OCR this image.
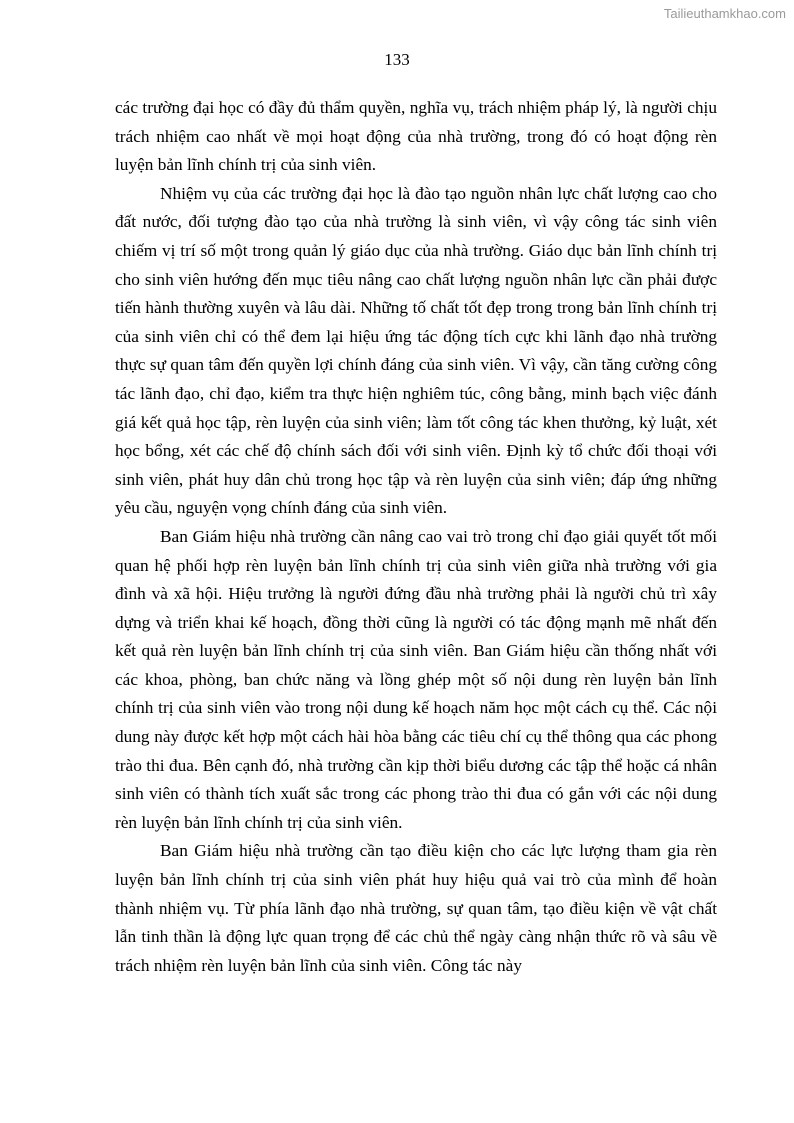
Tailieuthamkhao.com
133

các trường đại học có đầy đủ thẩm quyền, nghĩa vụ, trách nhiệm pháp lý, là người chịu trách nhiệm cao nhất về mọi hoạt động của nhà trường, trong đó có hoạt động rèn luyện bản lĩnh chính trị của sinh viên.

Nhiệm vụ của các trường đại học là đào tạo nguồn nhân lực chất lượng cao cho đất nước, đối tượng đào tạo của nhà trường là sinh viên, vì vậy công tác sinh viên chiếm vị trí số một trong quản lý giáo dục của nhà trường. Giáo dục bản lĩnh chính trị cho sinh viên hướng đến mục tiêu nâng cao chất lượng nguồn nhân lực cần phải được tiến hành thường xuyên và lâu dài. Những tố chất tốt đẹp trong trong bản lĩnh chính trị của sinh viên chỉ có thể đem lại hiệu ứng tác động tích cực khi lãnh đạo nhà trường thực sự quan tâm đến quyền lợi chính đáng của sinh viên. Vì vậy, cần tăng cường công tác lãnh đạo, chỉ đạo, kiểm tra thực hiện nghiêm túc, công bằng, minh bạch việc đánh giá kết quả học tập, rèn luyện của sinh viên; làm tốt công tác khen thưởng, kỷ luật, xét học bổng, xét các chế độ chính sách đối với sinh viên. Định kỳ tổ chức đối thoại với sinh viên, phát huy dân chủ trong học tập và rèn luyện của sinh viên; đáp ứng những yêu cầu, nguyện vọng chính đáng của sinh viên.

Ban Giám hiệu nhà trường cần nâng cao vai trò trong chỉ đạo giải quyết tốt mối quan hệ phối hợp rèn luyện bản lĩnh chính trị của sinh viên giữa nhà trường với gia đình và xã hội. Hiệu trưởng là người đứng đầu nhà trường phải là người chủ trì xây dựng và triển khai kế hoạch, đồng thời cũng là người có tác động mạnh mẽ nhất đến kết quả rèn luyện bản lĩnh chính trị của sinh viên. Ban Giám hiệu cần thống nhất với các khoa, phòng, ban chức năng và lồng ghép một số nội dung rèn luyện bản lĩnh chính trị của sinh viên vào trong nội dung kế hoạch năm học một cách cụ thể. Các nội dung này được kết hợp một cách hài hòa bằng các tiêu chí cụ thể thông qua các phong trào thi đua. Bên cạnh đó, nhà trường cần kịp thời biểu dương các tập thể hoặc cá nhân sinh viên có thành tích xuất sắc trong các phong trào thi đua có gắn với các nội dung rèn luyện bản lĩnh chính trị của sinh viên.

Ban Giám hiệu nhà trường cần tạo điều kiện cho các lực lượng tham gia rèn luyện bản lĩnh chính trị của sinh viên phát huy hiệu quả vai trò của mình để hoàn thành nhiệm vụ. Từ phía lãnh đạo nhà trường, sự quan tâm, tạo điều kiện về vật chất lẫn tinh thần là động lực quan trọng để các chủ thể ngày càng nhận thức rõ và sâu về trách nhiệm rèn luyện bản lĩnh của sinh viên. Công tác này
